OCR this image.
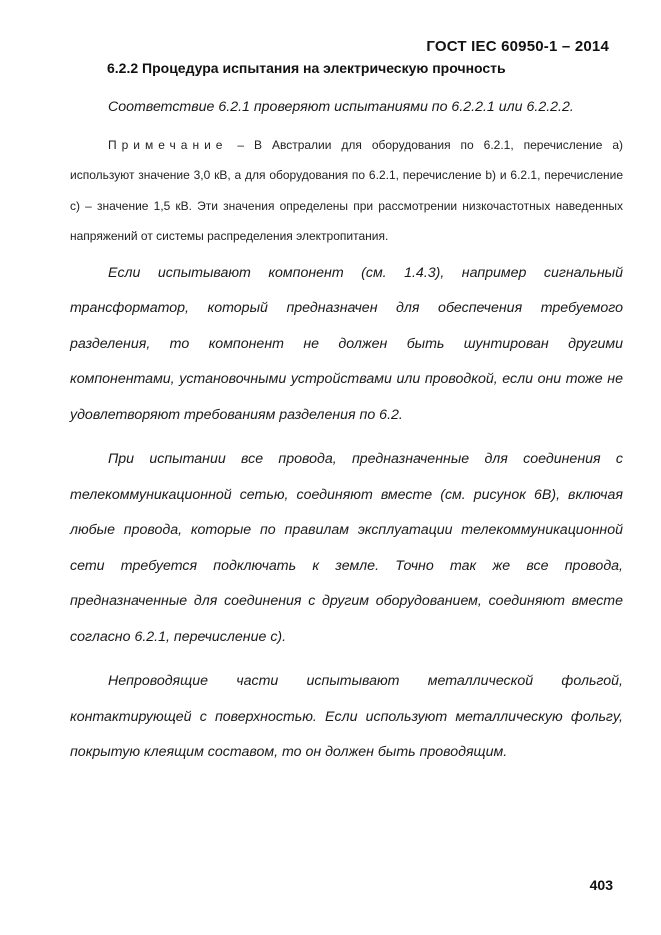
ГОСТ IEC 60950-1 – 2014
6.2.2 Процедура испытания на электрическую прочность

Соответствие 6.2.1 проверяют испытаниями по 6.2.2.1 или 6.2.2.2.

Примечание – В Австралии для оборудования по 6.2.1, перечисление a) используют значение 3,0 кВ, а для оборудования по 6.2.1, перечисление b) и 6.2.1, перечисление c) – значение 1,5 кВ. Эти значения определены при рассмотрении низкочастотных наведенных напряжений от системы распределения электропитания.

Если испытывают компонент (см. 1.4.3), например сигнальный трансформатор, который предназначен для обеспечения требуемого разделения, то компонент не должен быть шунтирован другими компонентами, установочными устройствами или проводкой, если они тоже не удовлетворяют требованиям разделения по 6.2.

При испытании все провода, предназначенные для соединения с телекоммуникационной сетью, соединяют вместе (см. рисунок 6В), включая любые провода, которые по правилам эксплуатации телекоммуникационной сети требуется подключать к земле. Точно так же все провода, предназначенные для соединения с другим оборудованием, соединяют вместе согласно 6.2.1, перечисление c).

Непроводящие части испытывают металлической фольгой, контактирующей с поверхностью. Если используют металлическую фольгу, покрытую клеящим составом, то он должен быть проводящим.

403
